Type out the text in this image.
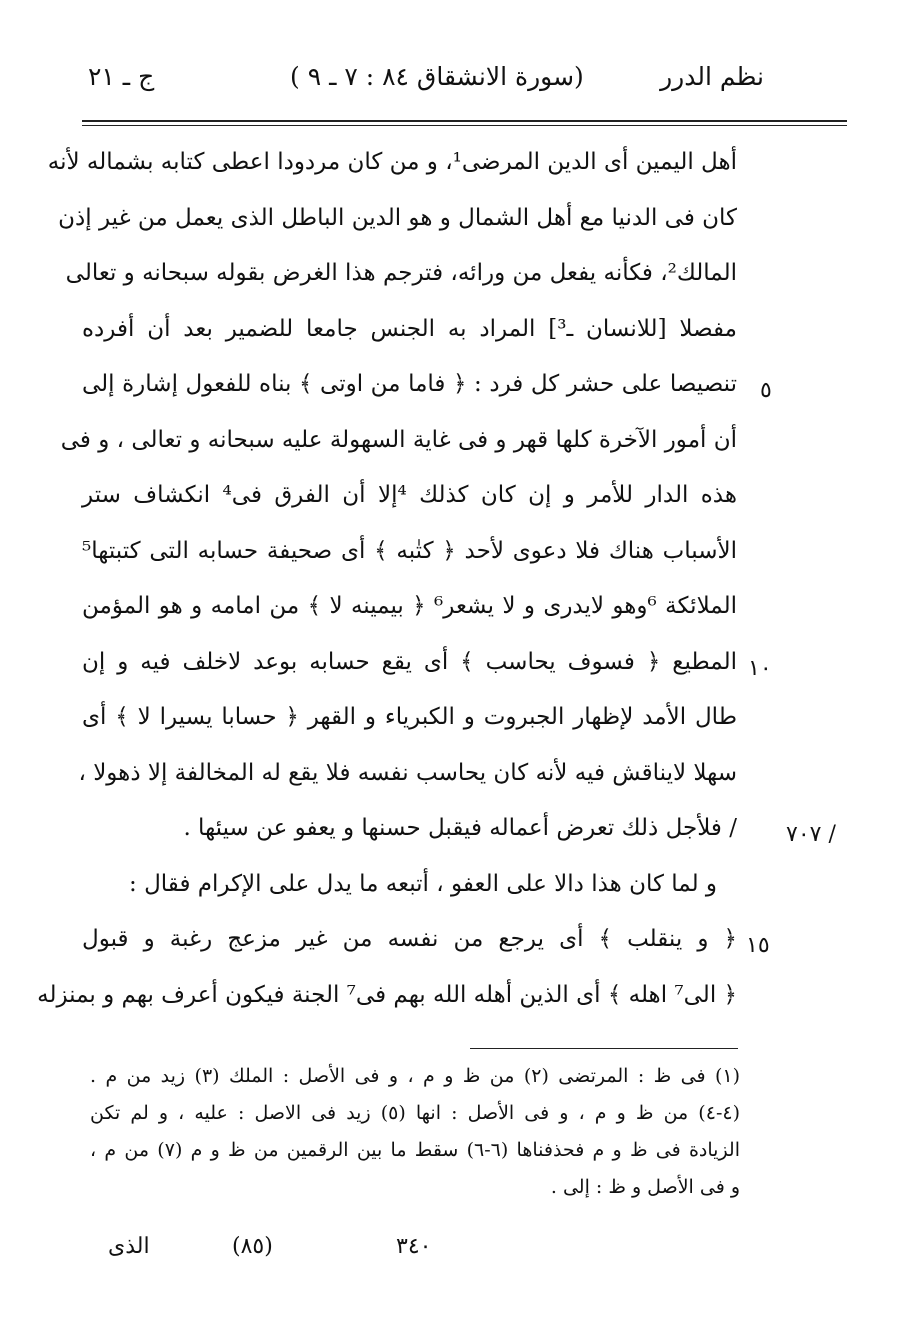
نظم الدرر
( سورة الانشقاق ٨٤ : ٧ ـ ٩)
ج ـ ٢١
أهل اليمين أى الدين المرضى¹، و من كان مردودا اعطى كتابه بشماله لأنه
كان فى الدنيا مع أهل الشمال و هو الدين الباطل الذى يعمل من غير إذن
المالك²، فكأنه يفعل من ورائه، فترجم هذا الغرض بقوله سبحانه و تعالى
مفصلا [للانسان ـ³] المراد به الجنس جامعا للضمير بعد أن أفرده
تنصيصا على حشر كل فرد : ﴿ فاما من اوتى ﴾ بناه للفعول إشارة إلى
أن أمور الآخرة كلها قهر و فى غاية السهولة عليه سبحانه و تعالى ، و فى
هذه الدار للأمر و إن كان كذلك ⁴إلا أن الفرق فى⁴ انكشاف ستر
الأسباب هناك فلا دعوى لأحد ﴿ كتٰبه ﴾ أى صحيفة حسابه التى كتبتها⁵
الملائكة ⁶وهو لايدرى و لا يشعر⁶ ﴿ بيمينه لا ﴾ من امامه و هو المؤمن
المطيع ﴿ فسوف يحاسب ﴾ أى يقع حسابه بوعد لاخلف فيه و إن
طال الأمد لإظهار الجبروت و الكبرياء و القهر ﴿ حسابا يسيرا لا ﴾ أى
سهلا لايناقش فيه لأنه كان يحاسب نفسه فلا يقع له المخالفة إلا ذهولا ،
/ فلأجل ذلك تعرض أعماله فيقبل حسنها و يعفو عن سيئها .
و لما كان هذا دالا على العفو ، أتبعه ما يدل على الإكرام فقال :
﴿ و ينقلب ﴾ أى يرجع من نفسه من غير مزعج رغبة و قبول
﴿ الى⁷ اهله ﴾ أى الذين أهله الله بهم فى⁷ الجنة فيكون أعرف بهم و بمنزله
٥
١٠
٧٠٧ /
١٥
(١) فى ظ : المرتضى (٢) من ظ و م ، و فى الأصل : الملك (٣) زيد من م .
(٤-٤) من ظ و م ، و فى الأصل : انها (٥) زيد فى الاصل : عليه ، و لم تكن
الزيادة فى ظ و م فحذفناها (٦-٦) سقط ما بين الرقمين من ظ و م (٧) من م ،
و فى الأصل و ظ : إلى .
الذى	(٨٥)	٣٤٠
